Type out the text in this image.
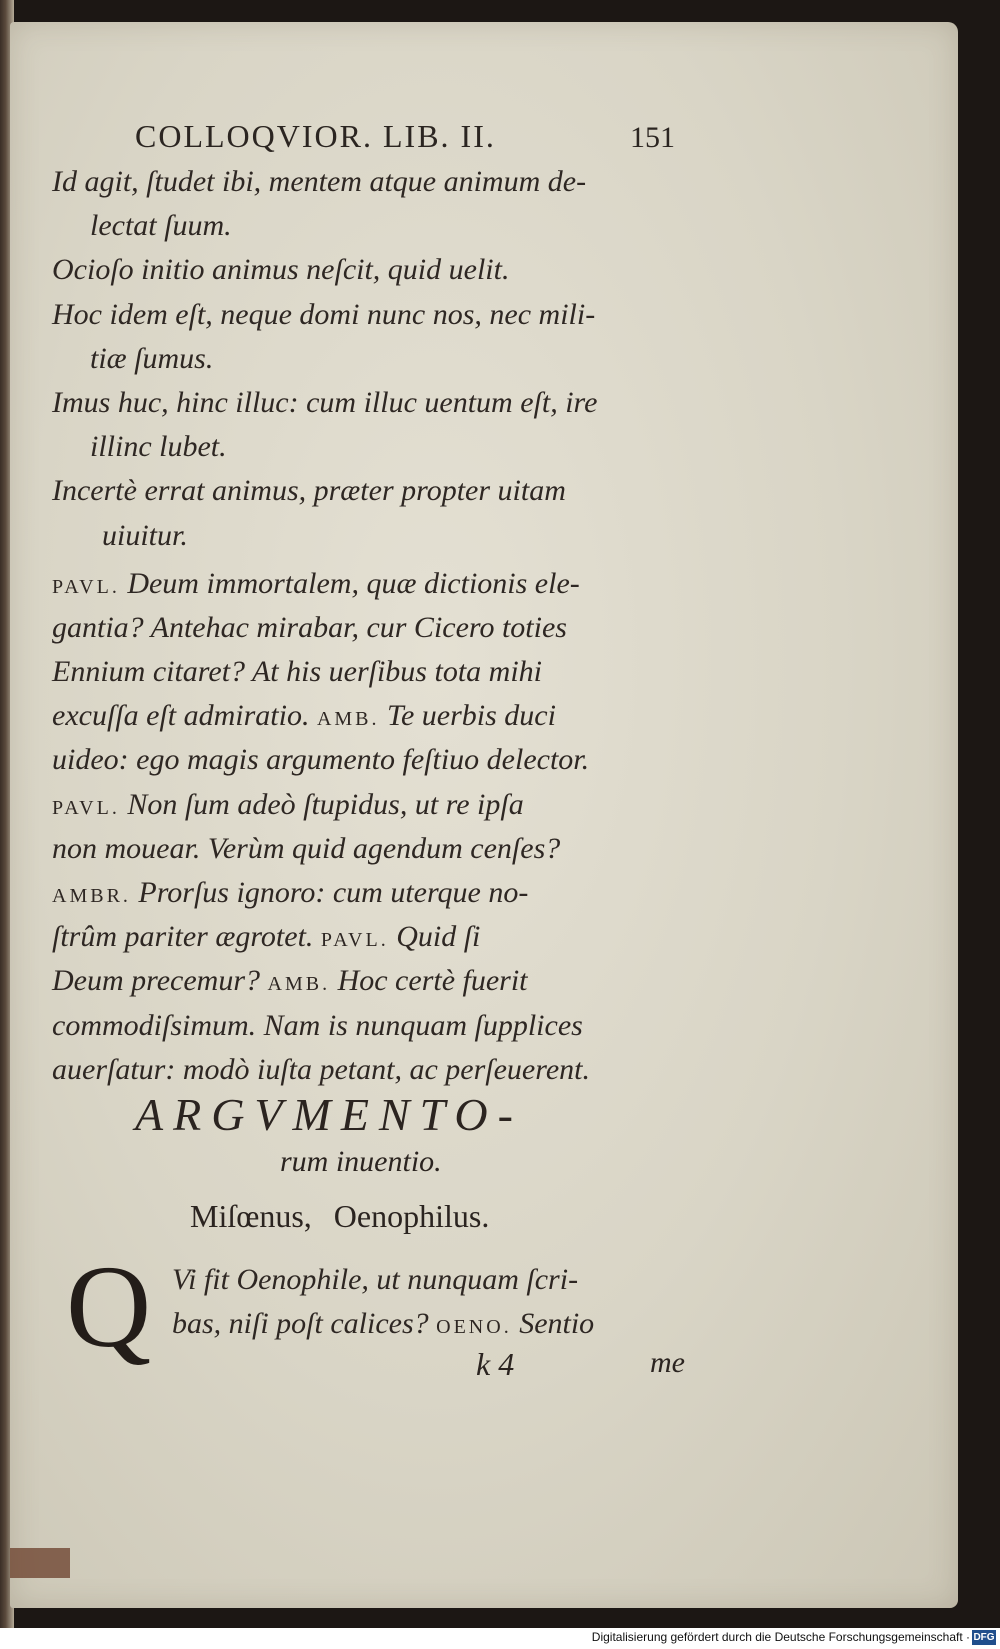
COLLOQVIOR. LIB. II.	151
Id agit, ſtudet ibi, mentem atque animum de-
lectat ſuum.
Ocioſo initio animus neſcit, quid uelit.
Hoc idem eſt, neque domi nunc nos, nec mili-
tiæ ſumus.
Imus huc, hinc illuc: cum illuc uentum eſt, ire
illinc lubet.
Incertè errat animus, præter propter uitam
uiuitur.
PAVL. Deum immortalem, quæ dictionis ele-
gantia? Antehac mirabar, cur Cicero toties
Ennium citaret? At his uerſibus tota mihi
excuſſa eſt admiratio. AMB. Te uerbis duci
uideo: ego magis argumento feſtiuo delector.
PAVL. Non ſum adeò ſtupidus, ut re ipſa
non mouear. Verùm quid agendum cenſes?
AMBR. Prorſus ignoro: cum uterque no-
ſtrûm pariter ægrotet. PAVL. Quid ſi
Deum precemur? AMB. Hoc certè fuerit
commodiſsimum. Nam is nunquam ſupplices
auerſatur: modò iuſta petant, ac perſeuerent.
ARGVMENTO-
rum inuentio.
Miſœnus, Oenophilus.
Q Vi fit Oenophile, ut nunquam ſcri-
bas, niſi poſt calices? OENO. Sentio
k 4	me
Digitalisierung gefördert durch die Deutsche Forschungsgemeinschaft · DFG
